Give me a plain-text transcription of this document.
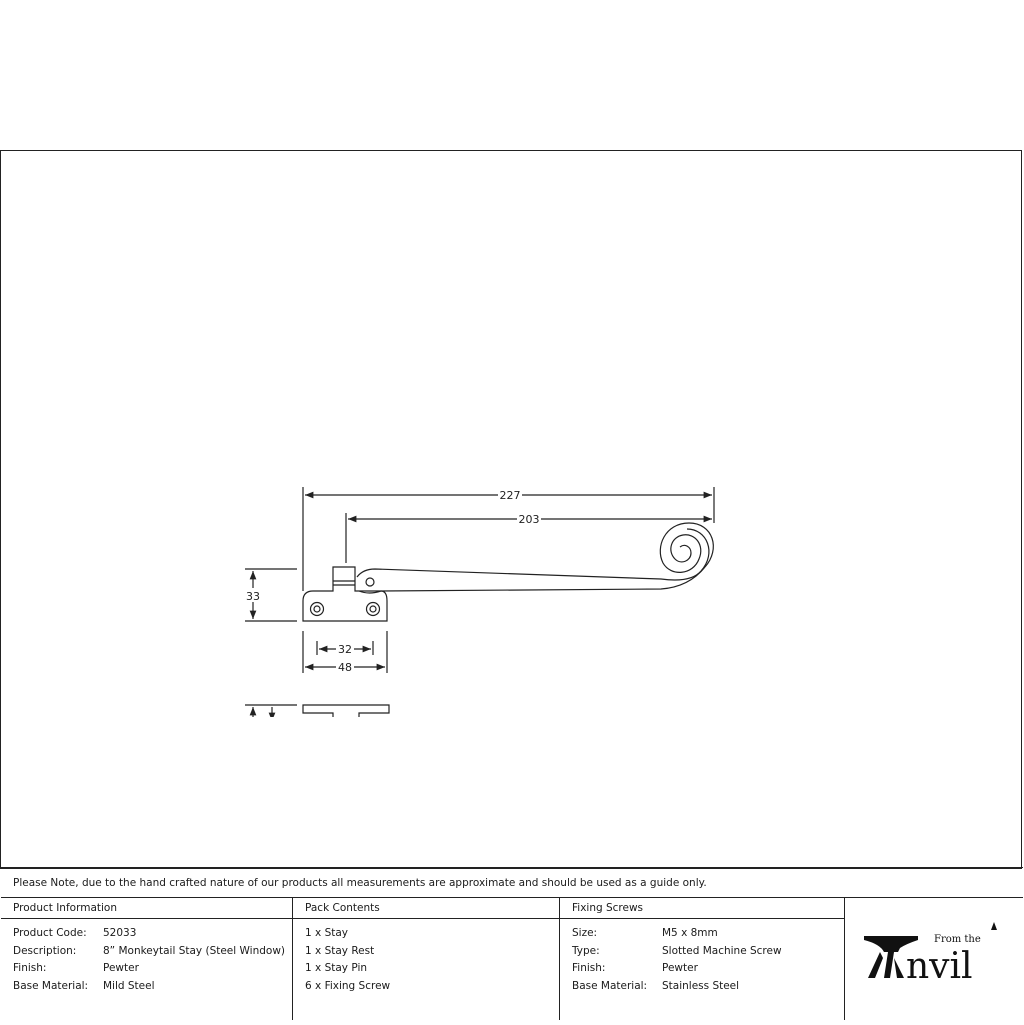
227
203
33
32
48
Please Note, due to the hand crafted nature of our products all measurements are approximate and should be used as a guide only.
Product Information
Product Code: 52033
Description:	8” Monkeytail Stay (Steel Window)
Finish:	Pewter
Base Material: Mild Steel
Pack Contents
1 x Stay
1 x Stay Rest
1 x Stay Pin
6 x Fixing Screw
Fixing Screws
Size:	M5 x 8mm
Type:	Slotted Machine Screw
Finish:	Pewter
Base Material: Stainless Steel
From the
nvil
